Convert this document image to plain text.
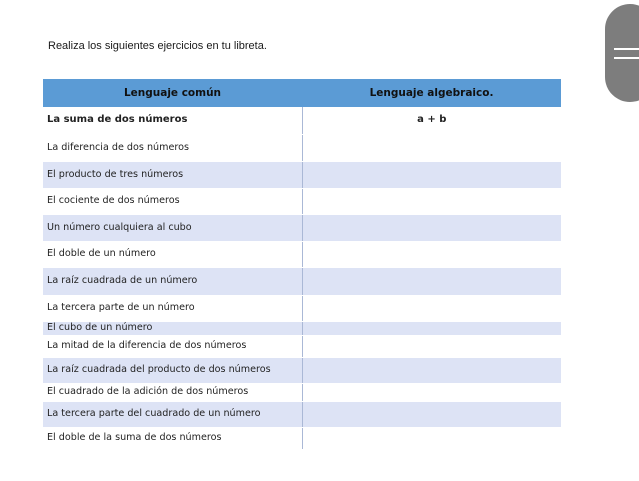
Realiza los siguientes ejercicios en tu libreta.
Lenguaje común	Lenguaje algebraico.
La suma de dos números	a + b
La diferencia de dos números	
El producto de tres números	
El cociente de dos números	
Un número cualquiera al cubo	
El doble de un número	
La raíz cuadrada de un número	
La tercera parte de un número	
El cubo de un número	
La mitad de la diferencia de dos números	
La raíz cuadrada del producto de dos números	
El cuadrado de la adición de dos números	
La tercera parte del cuadrado de un número	
El doble de la suma de dos números	
